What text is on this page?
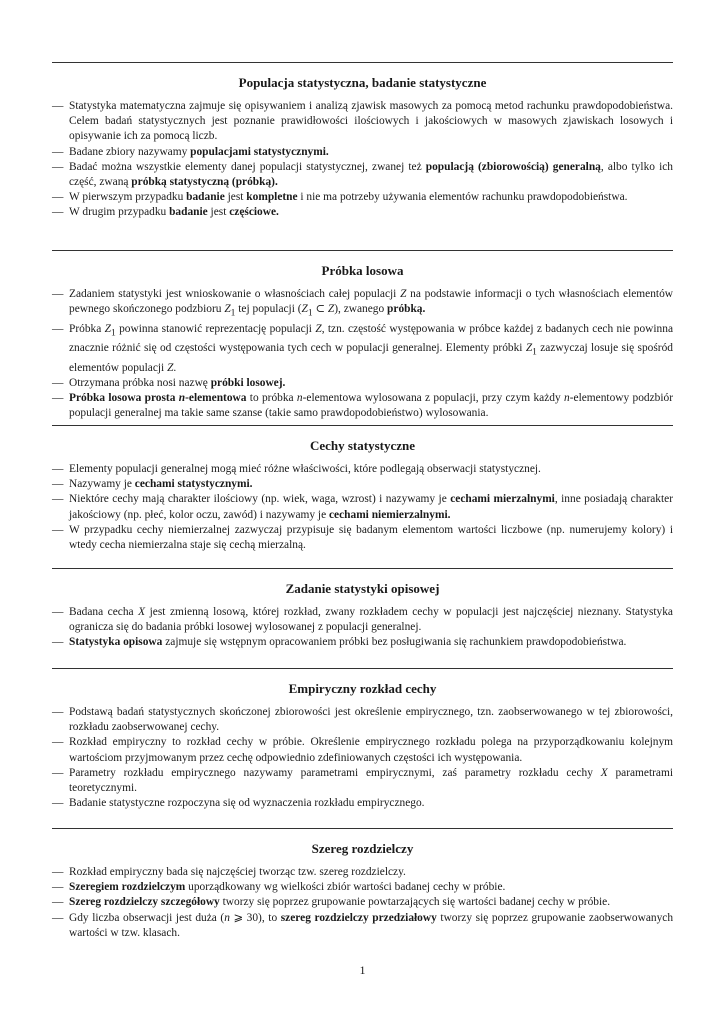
Populacja statystyczna, badanie statystyczne
— Statystyka matematyczna zajmuje się opisywaniem i analizą zjawisk masowych za pomocą metod rachunku prawdopodobieństwa. Celem badań statystycznych jest poznanie prawidłowości ilościowych i jakościowych w masowych zjawiskach losowych i opisywanie ich za pomocą liczb.
— Badane zbiory nazywamy populacjami statystycznymi.
— Badać można wszystkie elementy danej populacji statystycznej, zwanej też populacją (zbiorowością) generalną, albo tylko ich część, zwaną próbką statystyczną (próbką).
— W pierwszym przypadku badanie jest kompletne i nie ma potrzeby używania elementów rachunku prawdopodobieństwa.
— W drugim przypadku badanie jest częściowe.
Próbka losowa
— Zadaniem statystyki jest wnioskowanie o własnościach całej populacji Z na podstawie informacji o tych własnościach elementów pewnego skończonego podzbioru $Z_1$ tej populacji ($Z_1$ ⊂ Z), zwanego próbką.
— Próbka $Z_1$ powinna stanowić reprezentację populacji Z, tzn. częstość występowania w próbce każdej z badanych cech nie powinna znacznie różnić się od częstości występowania tych cech w populacji generalnej. Elementy próbki $Z_1$ zazwyczaj losuje się spośród elementów populacji Z.
— Otrzymana próbka nosi nazwę próbki losowej.
— Próbka losowa prosta n-elementowa to próbka n-elementowa wylosowana z populacji, przy czym każdy n-elementowy podzbiór populacji generalnej ma takie same szanse (takie samo prawdopodobieństwo) wylosowania.
Cechy statystyczne
— Elementy populacji generalnej mogą mieć różne właściwości, które podlegają obserwacji statystycznej.
— Nazywamy je cechami statystycznymi.
— Niektóre cechy mają charakter ilościowy (np. wiek, waga, wzrost) i nazywamy je cechami mierzalnymi, inne posiadają charakter jakościowy (np. płeć, kolor oczu, zawód) i nazywamy je cechami niemierzalnymi.
— W przypadku cechy niemierzalnej zazwyczaj przypisuje się badanym elementom wartości liczbowe (np. numerujemy kolory) i wtedy cecha niemierzalna staje się cechą mierzalną.
Zadanie statystyki opisowej
— Badana cecha X jest zmienną losową, której rozkład, zwany rozkładem cechy w populacji jest najczęściej nieznany. Statystyka ogranicza się do badania próbki losowej wylosowanej z populacji generalnej.
— Statystyka opisowa zajmuje się wstępnym opracowaniem próbki bez posługiwania się rachunkiem prawdopodobieństwa.
Empiryczny rozkład cechy
— Podstawą badań statystycznych skończonej zbiorowości jest określenie empirycznego, tzn. zaobserwowanego w tej zbiorowości, rozkładu zaobserwowanej cechy.
— Rozkład empiryczny to rozkład cechy w próbie. Określenie empirycznego rozkładu polega na przyporządkowaniu kolejnym wartościom przyjmowanym przez cechę odpowiednio zdefiniowanych częstości ich występowania.
— Parametry rozkładu empirycznego nazywamy parametrami empirycznymi, zaś parametry rozkładu cechy X parametrami teoretycznymi.
— Badanie statystyczne rozpoczyna się od wyznaczenia rozkładu empirycznego.
Szereg rozdzielczy
— Rozkład empiryczny bada się najczęściej tworząc tzw. szereg rozdzielczy.
— Szeregiem rozdzielczym uporządkowany wg wielkości zbiór wartości badanej cechy w próbie.
— Szereg rozdzielczy szczegółowy tworzy się poprzez grupowanie powtarzających się wartości badanej cechy w próbie.
— Gdy liczba obserwacji jest duża (n ⩾ 30), to szereg rozdzielczy przedziałowy tworzy się poprzez grupowanie zaobserwowanych wartości w tzw. klasach.
1
